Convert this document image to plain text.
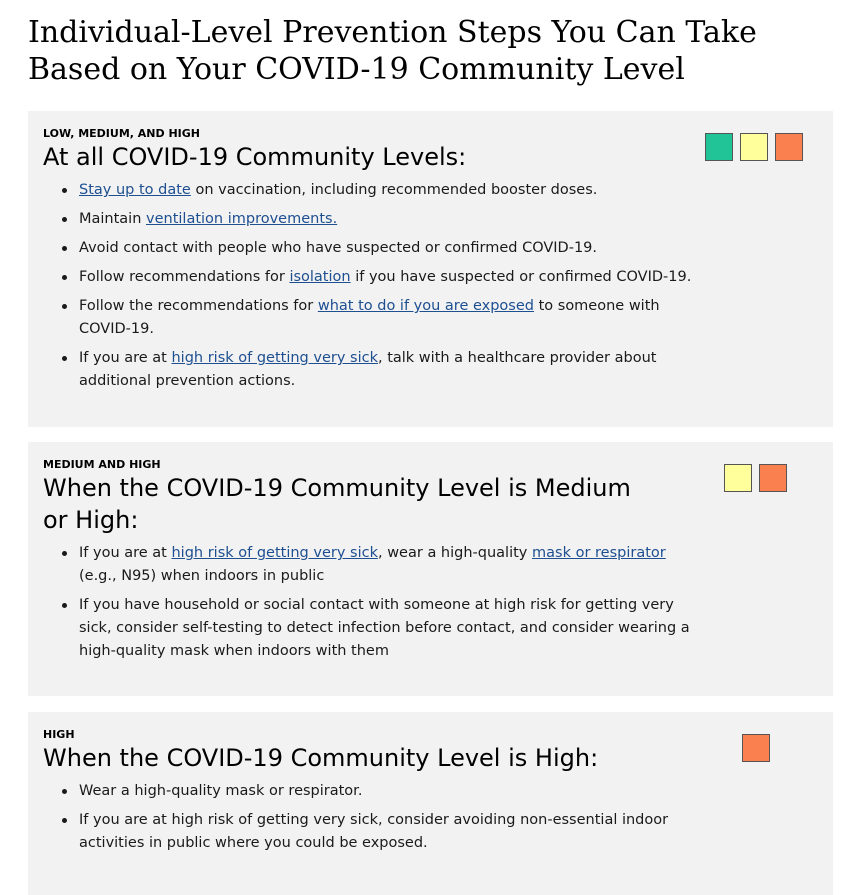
Individual-Level Prevention Steps You Can Take Based on Your COVID-19 Community Level
LOW, MEDIUM, AND HIGH
At all COVID-19 Community Levels:
Stay up to date on vaccination, including recommended booster doses.
Maintain ventilation improvements.
Avoid contact with people who have suspected or confirmed COVID-19.
Follow recommendations for isolation if you have suspected or confirmed COVID-19.
Follow the recommendations for what to do if you are exposed to someone with COVID-19.
If you are at high risk of getting very sick, talk with a healthcare provider about additional prevention actions.
MEDIUM AND HIGH
When the COVID-19 Community Level is Medium or High:
If you are at high risk of getting very sick, wear a high-quality mask or respirator (e.g., N95) when indoors in public
If you have household or social contact with someone at high risk for getting very sick, consider self-testing to detect infection before contact, and consider wearing a high-quality mask when indoors with them
HIGH
When the COVID-19 Community Level is High:
Wear a high-quality mask or respirator.
If you are at high risk of getting very sick, consider avoiding non-essential indoor activities in public where you could be exposed.
